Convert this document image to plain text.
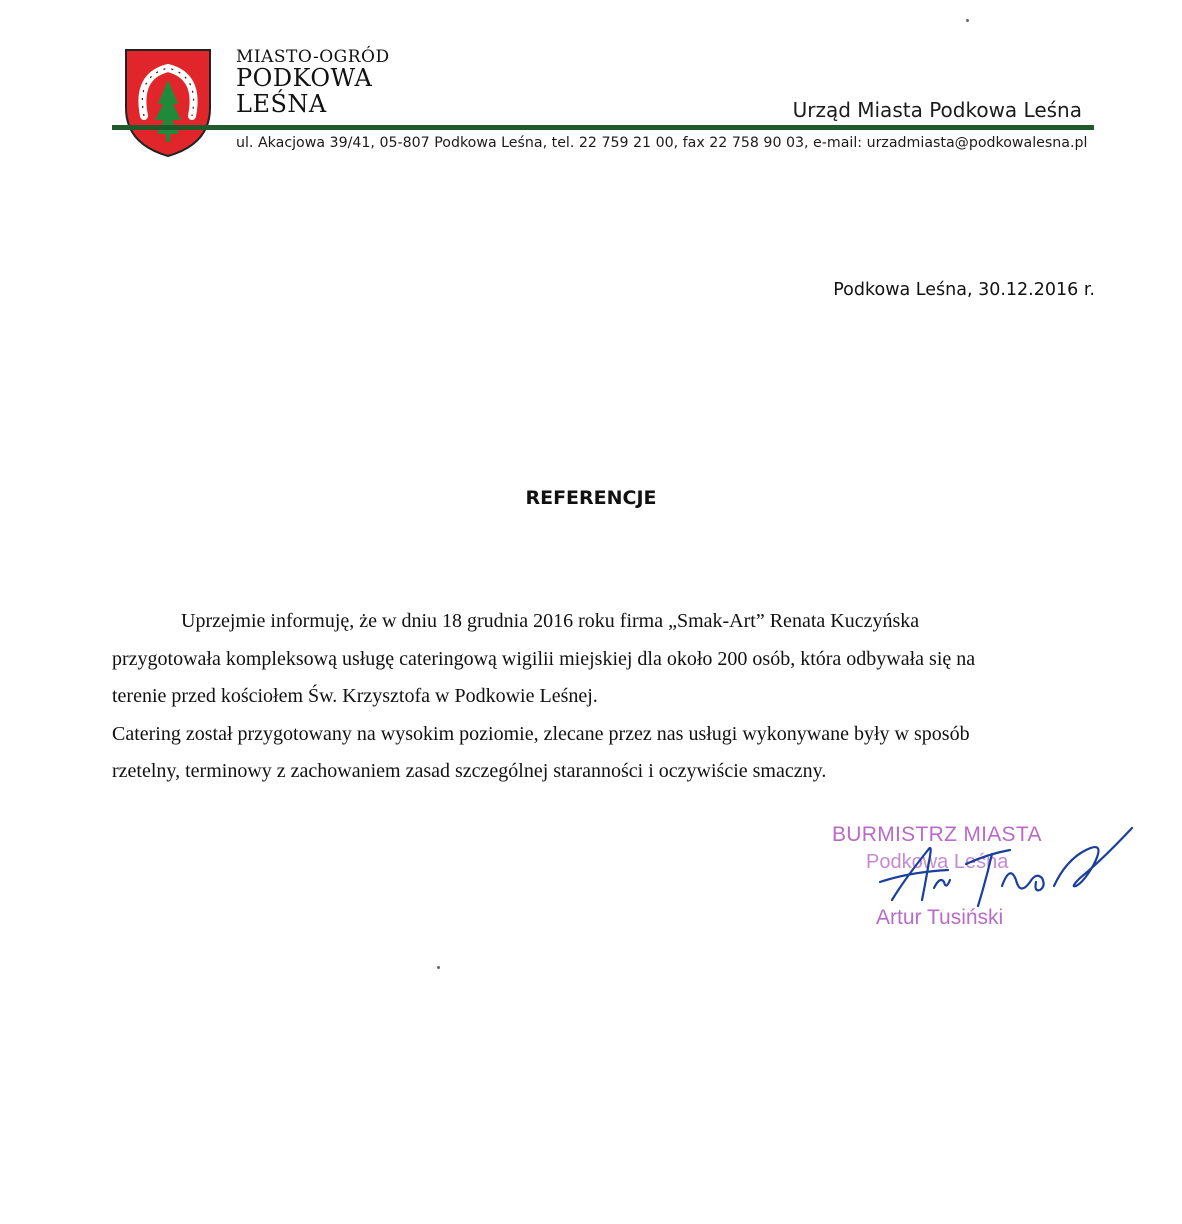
MIASTO-OGRÓD
PODKOWA
LEŚNA	Urząd Miasta Podkowa Leśna
ul. Akacjowa 39/41, 05-807 Podkowa Leśna, tel. 22 759 21 00, fax 22 758 90 03, e-mail: urzadmiasta@podkowalesna.pl
Podkowa Leśna, 30.12.2016 r.
REFERENCJE

Uprzejmie informuję, że w dniu 18 grudnia 2016 roku firma „Smak-Art” Renata Kuczyńska

przygotowała kompleksową usługę cateringową wigilii miejskiej dla około 200 osób, która odbywała się na
terenie przed kościołem Św. Krzysztofa w Podkowie Leśnej.

Catering został przygotowany na wysokim poziomie, zlecane przez nas usługi wykonywane były w sposób
rzetelny, terminowy z zachowaniem zasad szczególnej staranności i oczywiście smaczny.

BURMISTRZ MIASTA
Podkowa Leśna
Artur Tusiński
